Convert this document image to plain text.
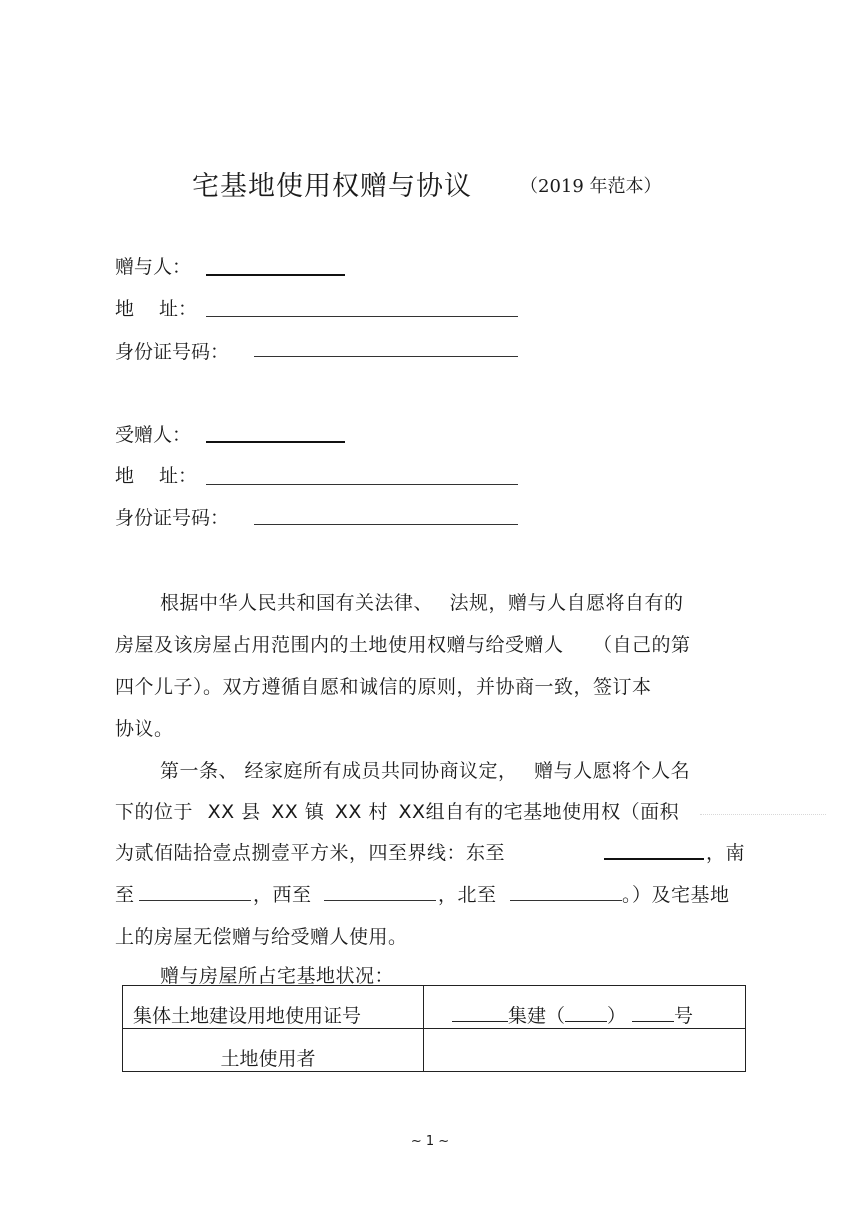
宅基地使用权赠与协议	（2019 年范本）
赠与人：
地　 址：
身份证号码：
受赠人：
地　 址：
身份证号码：
根据中华人民共和国有关法律、　 法规，赠与人自愿将自有的
房屋及该房屋占用范围内的土地使用权赠与给受赠人　　（自己的第
四个儿子）。双方遵循自愿和诚信的原则，并协商一致，签订本
协议。
第一条、 经家庭所有成员共同协商议定，　 赠与人愿将个人名
下的位于 XX 县 XX 镇 XX 村 XX组自有的宅基地使用权（面积
为贰佰陆拾壹点捌壹平方米，四至界线：东至	，南
至	，西至	，北至	。）及宅基地
上的房屋无偿赠与给受赠人使用。
赠与房屋所占宅基地状况：
集体土地建设用地使用证号	集建（ ） 号
土地使用者	
~ 1 ~
